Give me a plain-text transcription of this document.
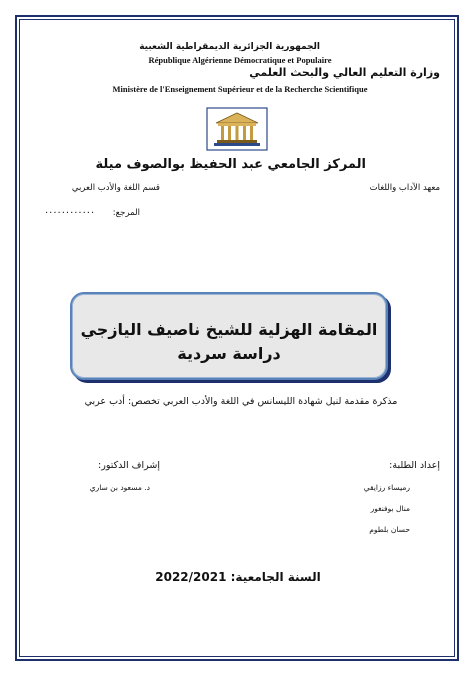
الجمهورية الجزائرية الديمقراطية الشعبية
République Algérienne Démocratique et Populaire
وزارة التعليم العالي والبحث العلمي
Ministère de l'Enseignement Supérieur et de la Recherche Scientifique
المركز الجامعي عبد الحفيظ بوالصوف ميلة
معهد الآداب واللغات
قسم اللغة والأدب العربي
المرجع:
............
المقامة الهزلية للشيخ ناصيف اليازجي
دراسة سردية
مذكرة مقدمة لنيل شهادة الليسانس في اللغة والأدب العربي تخصص: أدب عربي
إعداد الطلبة:
رميساء رزايقي
منال بوفنغور
حسان بلطوم
إشراف الدكتور:
د. مسعود بن ساري
السنة الجامعية: 2022/2021
